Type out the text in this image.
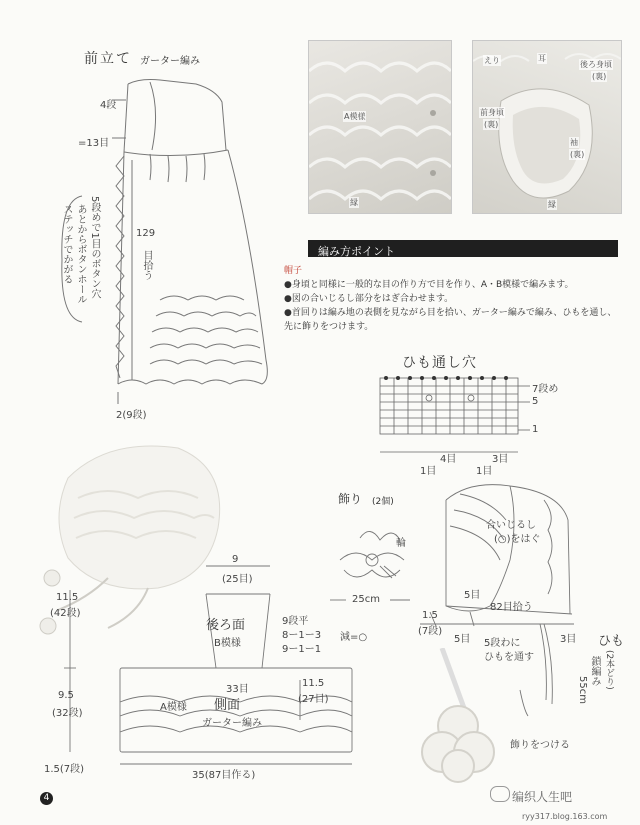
前立て ガーター編み
4段
=13目
129
目拾う
5段めで1目のボタン穴
あとからボタンホール
ステッチでかがる
2(9段)
A模様
縁
えり	耳
後ろ身頃
(裏)
前身頃
(裏)
袖
(裏)
縁
編み方ポイント
帽子
●身頃と同様に一般的な目の作り方で目を作り、A・B模様で編みます。
●図の合いじるし部分をはぎ合わせます。
●首回りは編み地の表側を見ながら目を拾い、ガーター編みで編み、ひもを通し、先に飾りをつけます。
ひも通し穴
7段め
5
1
1目
4目	3目
1目
飾り (2個)
輪
25cm
合いじるし
(○)をはぐ
82目拾う
1.5
(7段)
5目
5目	3目
5段わに
ひもを通す
飾りをつける
ひも
(2本どり)
鎖編み
55cm
9
(25目)
後ろ面
B模様
9段平
8ー1ー3
9ー1ー1
減=○
33目
側面
A模様
ガーター編み
11.5
(42段)
11.5
(27目)
9.5
(32段)
1.5(7段)
35(87目作る)
4	编织人生吧
ryy317.blog.163.com
